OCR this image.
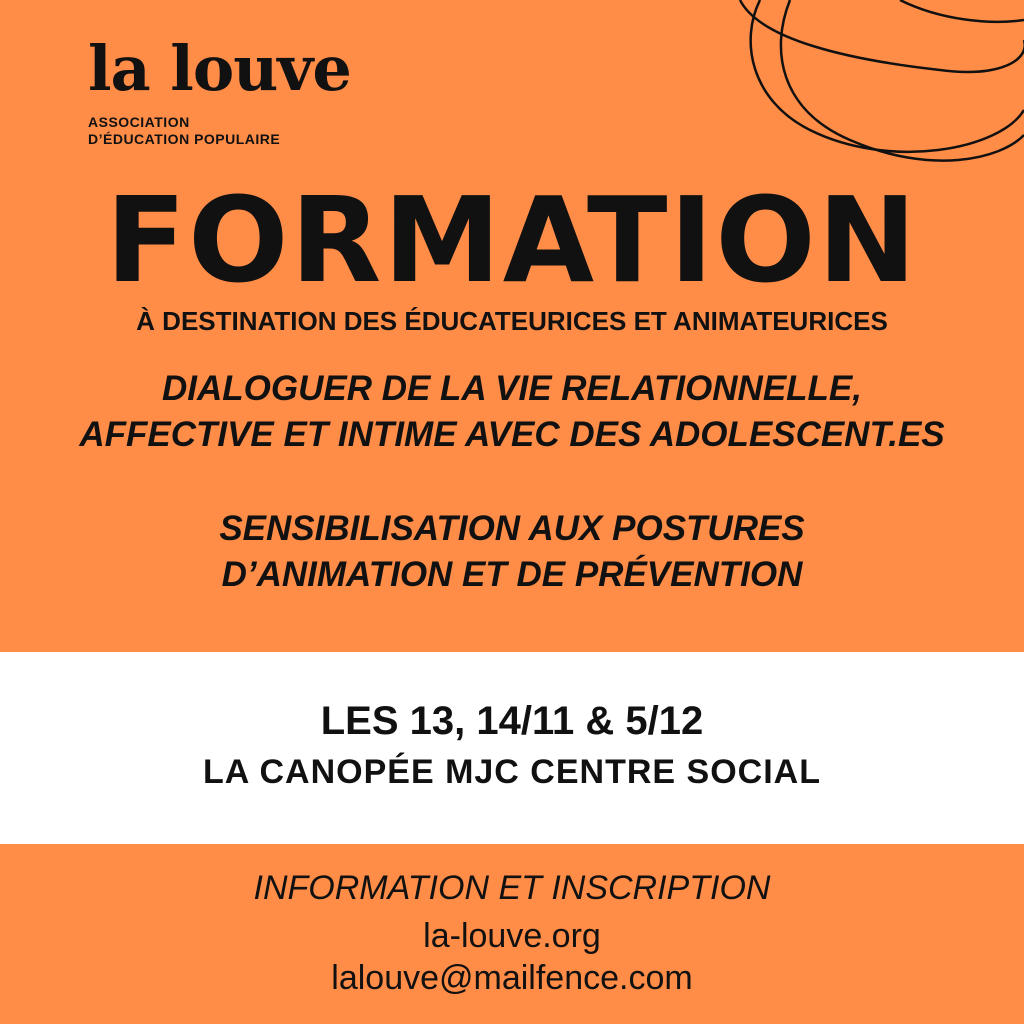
la louve
ASSOCIATION
D’ÉDUCATION POPULAIRE
FORMATION
À DESTINATION DES ÉDUCATEURICES ET ANIMATEURICES
DIALOGUER DE LA VIE RELATIONNELLE,
AFFECTIVE ET INTIME AVEC DES ADOLESCENT.ES
SENSIBILISATION AUX POSTURES
D’ANIMATION ET DE PRÉVENTION
LES 13, 14/11 & 5/12
LA CANOPÉE MJC CENTRE SOCIAL
INFORMATION ET INSCRIPTION
la-louve.org
lalouve@mailfence.com
